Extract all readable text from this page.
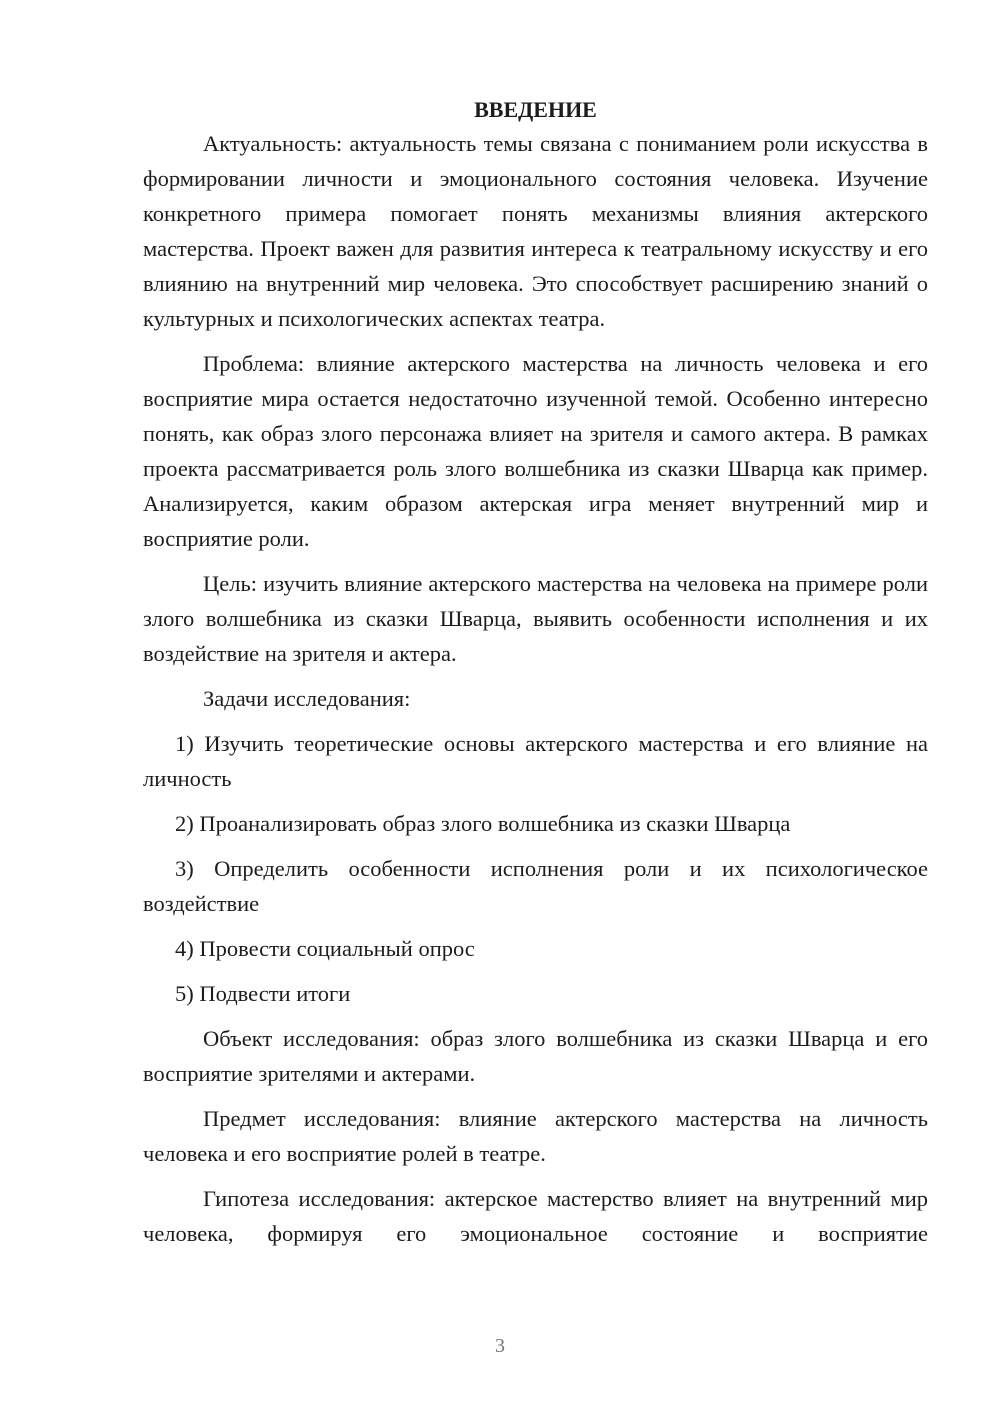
ВВЕДЕНИЕ

Актуальность: актуальность темы связана с пониманием роли искусства в формировании личности и эмоционального состояния человека. Изучение конкретного примера помогает понять механизмы влияния актерского мастерства. Проект важен для развития интереса к театральному искусству и его влиянию на внутренний мир человека. Это способствует расширению знаний о культурных и психологических аспектах театра.

Проблема: влияние актерского мастерства на личность человека и его восприятие мира остается недостаточно изученной темой. Особенно интересно понять, как образ злого персонажа влияет на зрителя и самого актера. В рамках проекта рассматривается роль злого волшебника из сказки Шварца как пример. Анализируется, каким образом актерская игра меняет внутренний мир и восприятие роли.

Цель: изучить влияние актерского мастерства на человека на примере роли злого волшебника из сказки Шварца, выявить особенности исполнения и их воздействие на зрителя и актера.

Задачи исследования:

1) Изучить теоретические основы актерского мастерства и его влияние на личность

2) Проанализировать образ злого волшебника из сказки Шварца

3) Определить особенности исполнения роли и их психологическое воздействие

4) Провести социальный опрос

5) Подвести итоги

Объект исследования: образ злого волшебника из сказки Шварца и его восприятие зрителями и актерами.

Предмет исследования: влияние актерского мастерства на личность человека и его восприятие ролей в театре.

Гипотеза исследования: актерское мастерство влияет на внутренний мир человека, формируя его эмоциональное состояние и восприятие

3
